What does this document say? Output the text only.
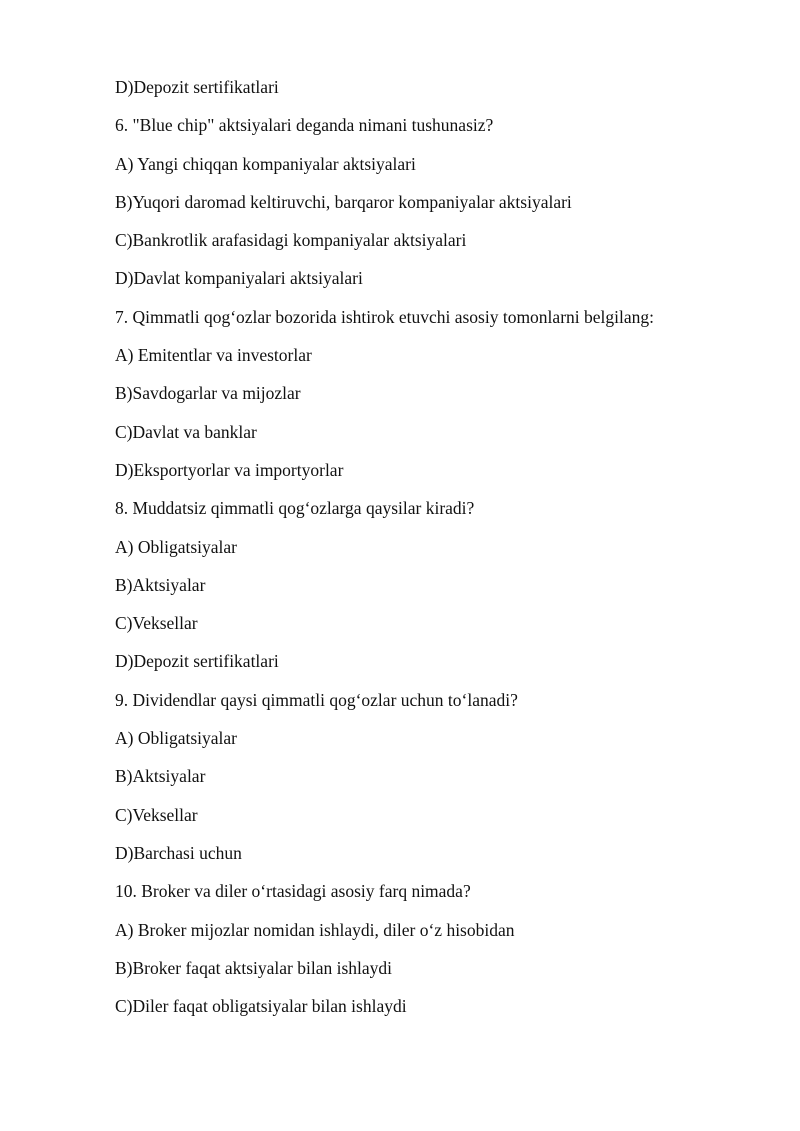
D)Depozit sertifikatlari
6. "Blue chip" aktsiyalari deganda nimani tushunasiz?
A) Yangi chiqqan kompaniyalar aktsiyalari
B)Yuqori daromad keltiruvchi, barqaror kompaniyalar aktsiyalari
C)Bankrotlik arafasidagi kompaniyalar aktsiyalari
D)Davlat kompaniyalari aktsiyalari
7. Qimmatli qog‘ozlar bozorida ishtirok etuvchi asosiy tomonlarni belgilang:
A) Emitentlar va investorlar
B)Savdogarlar va mijozlar
C)Davlat va banklar
D)Eksportyorlar va importyorlar
8. Muddatsiz qimmatli qog‘ozlarga qaysilar kiradi?
A) Obligatsiyalar
B)Aktsiyalar
C)Veksellar
D)Depozit sertifikatlari
9. Dividendlar qaysi qimmatli qog‘ozlar uchun to‘lanadi?
A) Obligatsiyalar
B)Aktsiyalar
C)Veksellar
D)Barchasi uchun
10. Broker va diler o‘rtasidagi asosiy farq nimada?
A) Broker mijozlar nomidan ishlaydi, diler o‘z hisobidan
B)Broker faqat aktsiyalar bilan ishlaydi
C)Diler faqat obligatsiyalar bilan ishlaydi
